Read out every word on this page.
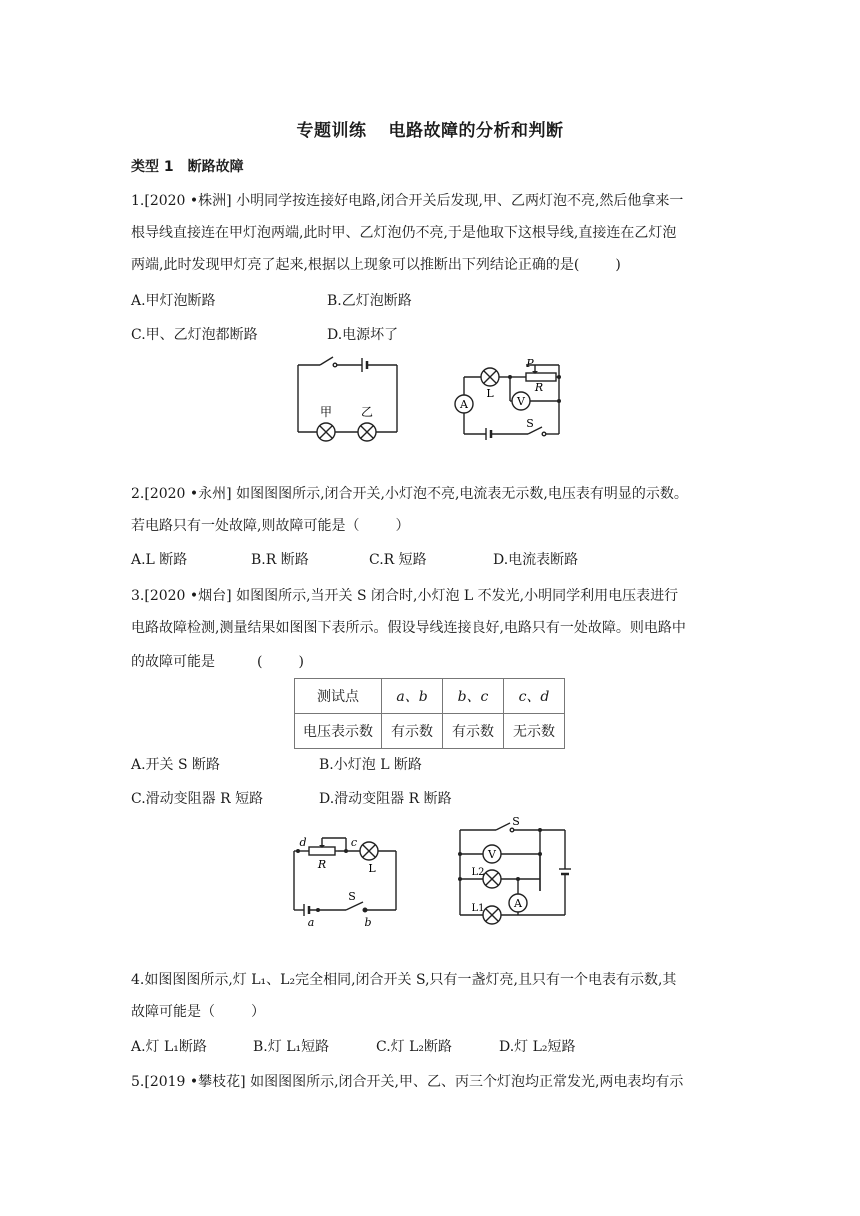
专题训练 电路故障的分析和判断
类型 1　断路故障
1.[2020 •株洲] 小明同学按连接好电路,闭合开关后发现,甲、乙两灯泡不亮,然后他拿来一
根导线直接连在甲灯泡两端,此时甲、乙灯泡仍不亮,于是他取下这根导线,直接连在乙灯泡
两端,此时发现甲灯亮了起来,根据以上现象可以推断出下列结论正确的是(	)
A.甲灯泡断路	B.乙灯泡断路
C.甲、乙灯泡都断路	D.电源坏了
甲 乙
L
A	V
P
R
S
2.[2020 •永州] 如图图图所示,闭合开关,小灯泡不亮,电流表无示数,电压表有明显的示数。
若电路只有一处故障,则故障可能是（	）
A.L 断路	B.R 断路	C.R 短路	D.电流表断路
3.[2020 •烟台] 如图图所示,当开关 S 闭合时,小灯泡 L 不发光,小明同学利用电压表进行
电路故障检测,测量结果如图图下表所示。假设导线连接良好,电路只有一处故障。则电路中
的故障可能是	(	)
测试点	a、b	b、c	c、d
电压表示数	有示数	有示数	无示数
A.开关 S 断路	B.小灯泡 L 断路
C.滑动变阻器 R 短路	D.滑动变阻器 R 断路
d	c
R	L
S
a	b
S
V
L2
A
L1
4.如图图图所示,灯 L₁、L₂完全相同,闭合开关 S,只有一盏灯亮,且只有一个电表有示数,其
故障可能是（	）
A.灯 L₁断路	B.灯 L₁短路	C.灯 L₂断路	D.灯 L₂短路
5.[2019 •攀枝花] 如图图图所示,闭合开关,甲、乙、丙三个灯泡均正常发光,两电表均有示
